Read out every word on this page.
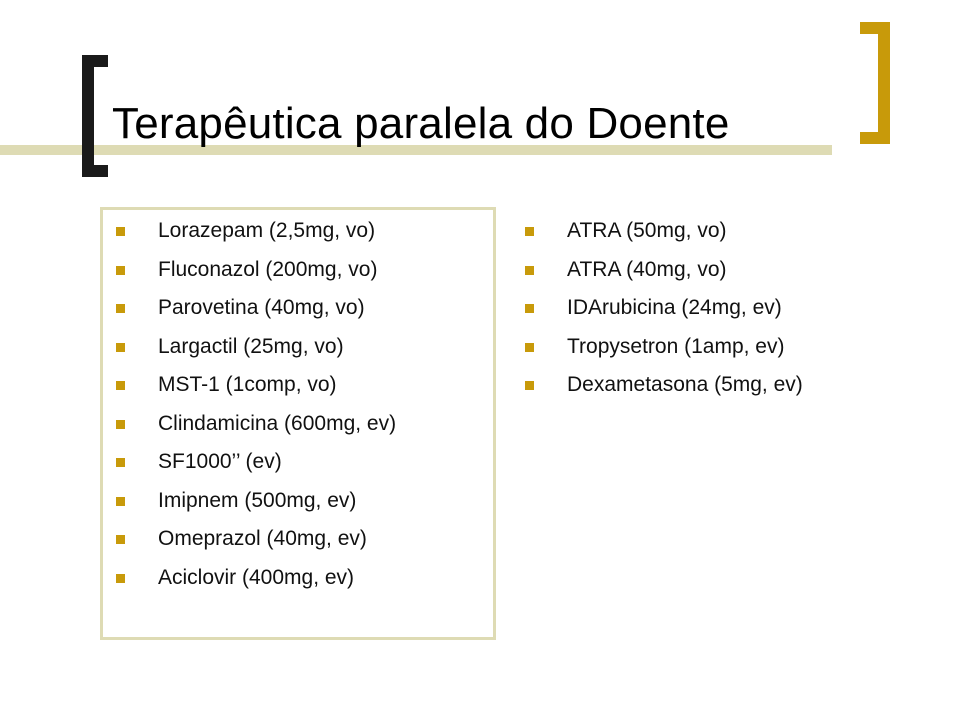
Terapêutica paralela do Doente
Lorazepam (2,5mg, vo)
Fluconazol (200mg, vo)
Parovetina (40mg, vo)
Largactil (25mg, vo)
MST-1 (1comp, vo)
Clindamicina (600mg, ev)
SF1000’’ (ev)
Imipnem (500mg, ev)
Omeprazol (40mg, ev)
Aciclovir (400mg, ev)
ATRA (50mg, vo)
ATRA (40mg, vo)
IDArubicina (24mg, ev)
Tropysetron (1amp, ev)
Dexametasona (5mg, ev)
